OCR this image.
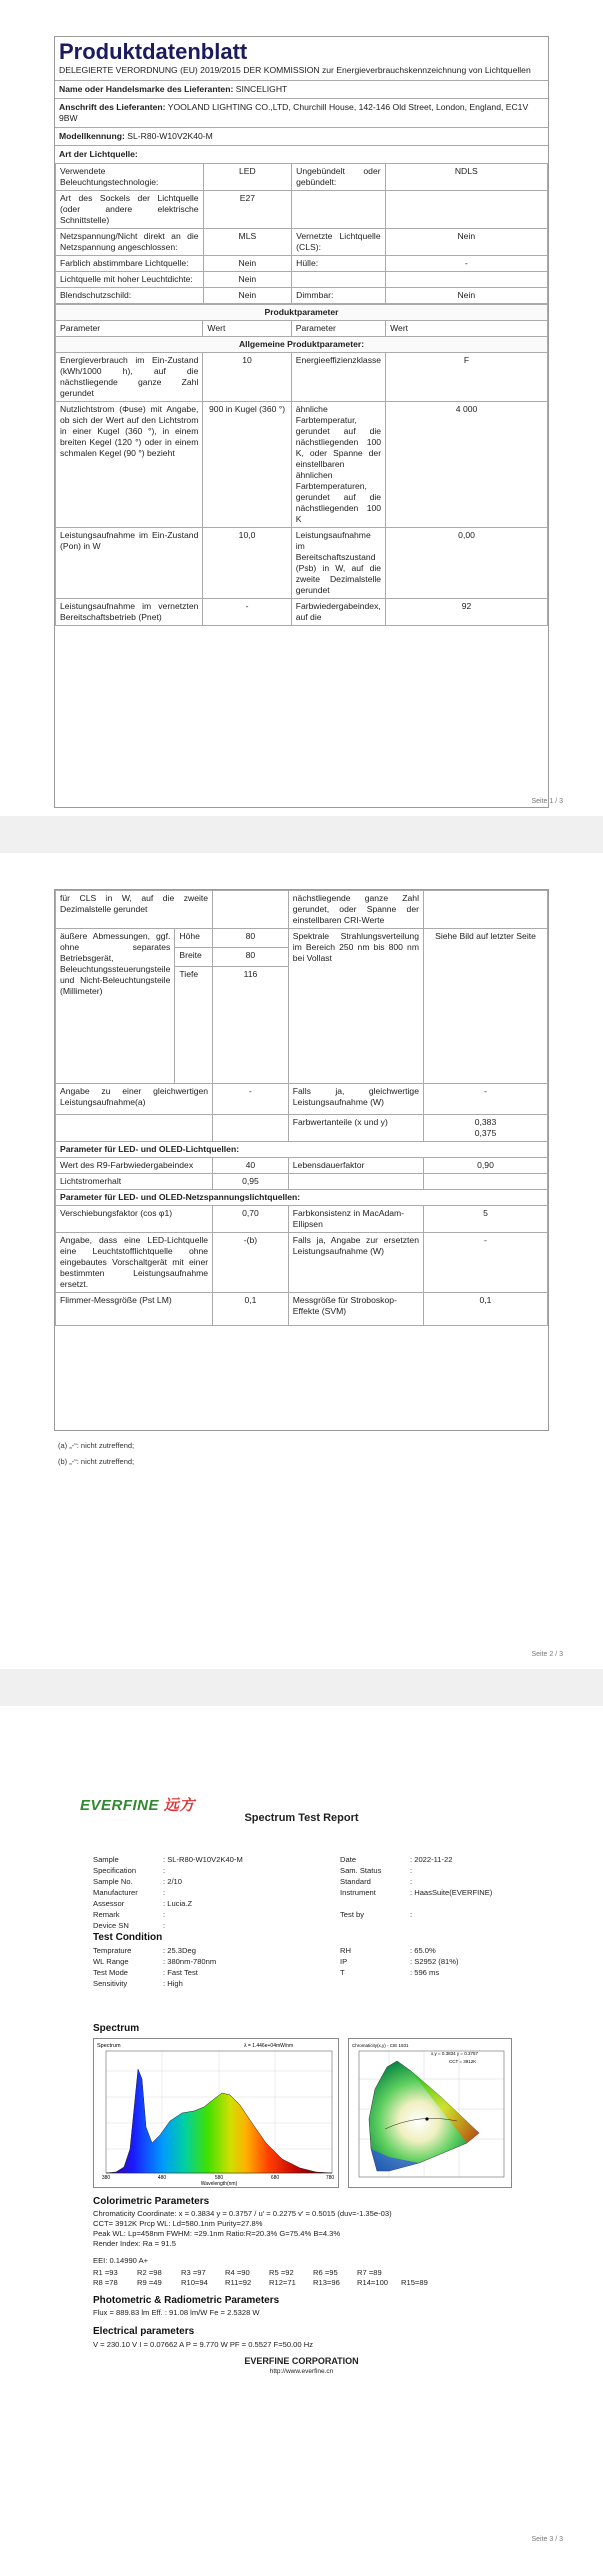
Produktdatenblatt
DELEGIERTE VERORDNUNG (EU) 2019/2015 DER KOMMISSION zur Energieverbrauchskennzeichnung von Lichtquellen
Name oder Handelsmarke des Lieferanten: SINCELIGHT
Anschrift des Lieferanten: YOOLAND LIGHTING CO.,LTD, Churchill House, 142-146 Old Street, London, England, EC1V 9BW
Modellkennung: SL-R80-W10V2K40-M
Art der Lichtquelle:
Verwendete Beleuchtungstechnologie:	LED	Ungebündelt oder gebündelt:	NDLS
Art des Sockels der Lichtquelle (oder andere elektrische Schnittstelle)	E27		
Netzspannung/Nicht direkt an die Netzspannung angeschlossen:	MLS	Vernetzte Lichtquelle (CLS):	Nein
Farblich abstimmbare Lichtquelle:	Nein	Hülle:	-
Lichtquelle mit hoher Leuchtdichte:	Nein		
Blendschutzschild:	Nein	Dimmbar:	Nein
Produktparameter			
Parameter	Wert	Parameter	Wert
Allgemeine Produktparameter:			
Energieverbrauch im Ein-Zustand (kWh/1000 h), auf die nächstliegende ganze Zahl gerundet	10	Energieeffizienzklasse	F
Nutzlichtstrom (Φuse) mit Angabe, ob sich der Wert auf den Lichtstrom in einer Kugel (360 °), in einem breiten Kegel (120 °) oder in einem schmalen Kegel (90 °) bezieht	900 in Kugel (360 °)	ähnliche Farbtemperatur, gerundet auf die nächstliegenden 100 K, oder Spanne der einstellbaren ähnlichen Farbtemperaturen, gerundet auf die nächstliegenden 100 K	4 000
Leistungsaufnahme im Ein-Zustand (Pon) in W	10,0	Leistungsaufnahme im Bereitschaftszustand (Psb) in W, auf die zweite Dezimalstelle gerundet	0,00
Leistungsaufnahme im vernetzten Bereitschaftsbetrieb (Pnet)	-	Farbwiedergabeindex, auf die	92
Seite 1 / 3
für CLS in W, auf die zweite Dezimalstelle gerundet			nächstliegende ganze Zahl gerundet, oder Spanne der einstellbaren CRI-Werte	
äußere Abmessungen, ggf. ohne separates Betriebsgerät, Beleuchtungssteuerungsteile und Nicht-Beleuchtungsteile (Millimeter)	Höhe	80	Spektrale Strahlungsverteilung im Bereich 250 nm bis 800 nm bei Vollast	Siehe Bild auf letzter Seite
	Breite	80		
	Tiefe	116		
Angabe zu einer gleichwertigen Leistungsaufnahme(a)		-	Falls ja, gleichwertige Leistungsaufnahme (W)	-
			Farbwertanteile (x und y)	0,383
0,375
Parameter für LED- und OLED-Lichtquellen:				
Wert des R9-Farbwiedergabeindex		40	Lebensdauerfaktor	0,90
Lichtstromerhalt		0,95		
Parameter für LED- und OLED-Netzspannungslichtquellen:				
Verschiebungsfaktor (cos φ1)		0,70	Farbkonsistenz in MacAdam-Ellipsen	5
Angabe, dass eine LED-Lichtquelle eine Leuchtstofflichtquelle ohne eingebautes Vorschaltgerät mit einer bestimmten Leistungsaufnahme ersetzt.		-(b)	Falls ja, Angabe zur ersetzten Leistungsaufnahme (W)	-
Flimmer-Messgröße (Pst LM)		0,1	Messgröße für Stroboskop-Effekte (SVM)	0,1
(a) „-“: nicht zutreffend;
(b) „-“: nicht zutreffend;
Seite 2 / 3
EVERFINE 远方
Spectrum Test Report
Sample	: SL-R80-W10V2K40-M
Specification	:
Sample No.	: 2/10
Manufacturer	:
Assessor	: Lucia.Z
Remark	:
Device SN	:
Date	: 2022-11-22
Sam. Status	:
Standard	:
Instrument	: HaasSuite(EVERFINE)

Test by	:
Test Condition
Temprature	: 25.3Deg
WL Range	: 380nm-780nm
Test Mode	: Fast Test
Sensitivity	: High
RH	: 65.0%
IP	: S2952 (81%)
T	: 596 ms
Spectrum
Spectrum	λ = 1.446e+04mW/nm
380	480	580	680	780
Wavelength(nm)
Chromaticity(x,y) - CIE 1931
x,y = 0.3834 y = 0.3757
CCT = 3912K
Colorimetric Parameters
Chromaticity Coordinate: x = 0.3834 y = 0.3757 / u' = 0.2275 v' = 0.5015 (duv=-1.35e-03)
CCT= 3912K Prcp WL: Ld=580.1nm Purity=27.8%
Peak WL: Lp=458nm FWHM: =29.1nm Ratio:R=20.3% G=75.4% B=4.3%
Render Index: Ra = 91.5
EEI: 0.14990 A+
R1 =93	R2 =98	R3 =97	R4 =90	R5 =92	R6 =95	R7 =89
R8 =78	R9 =49	R10=94 R11=92 R12=71 R13=96 R14=100 R15=89
Photometric & Radiometric Parameters
Flux = 889.83 lm Eff. : 91.08 lm/W Fe = 2.5328 W
Electrical parameters
V = 230.10 V I = 0.07662 A P = 9.770 W PF = 0.5527 F=50.00 Hz
EVERFINE CORPORATION
http://www.everfine.cn
Seite 3 / 3
